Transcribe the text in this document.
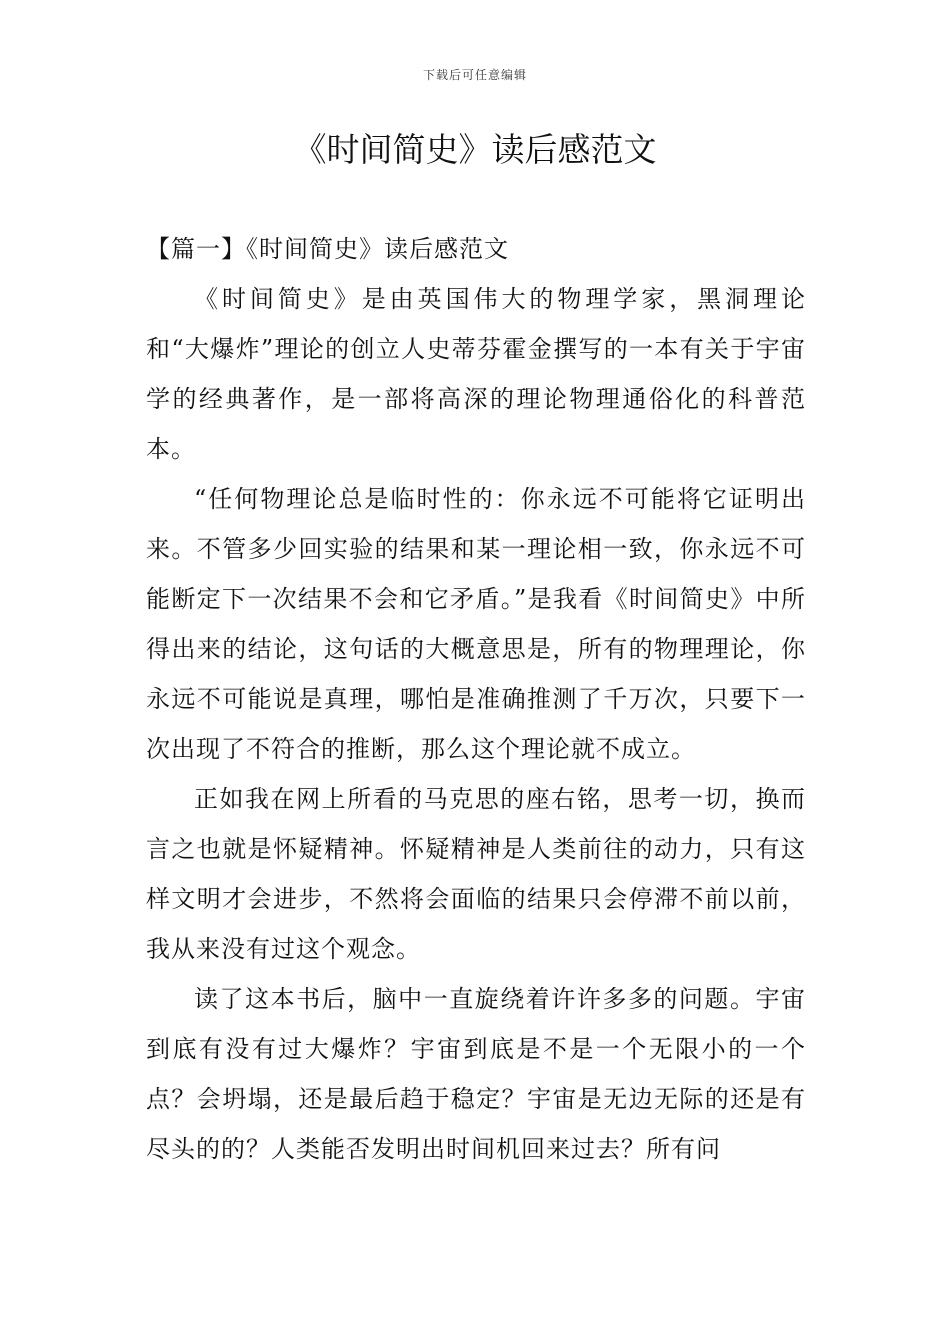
下载后可任意编辑
《时间简史》读后感范文

【篇一】《时间简史》读后感范文

《时间简史》是由英国伟大的物理学家，黑洞理论和“大爆炸”理论的创立人史蒂芬霍金撰写的一本有关于宇宙学的经典著作，是一部将高深的理论物理通俗化的科普范本。

“任何物理论总是临时性的：你永远不可能将它证明出来。不管多少回实验的结果和某一理论相一致，你永远不可能断定下一次结果不会和它矛盾。”是我看《时间简史》中所得出来的结论，这句话的大概意思是，所有的物理理论，你永远不可能说是真理，哪怕是准确推测了千万次，只要下一次出现了不符合的推断，那么这个理论就不成立。

正如我在网上所看的马克思的座右铭，思考一切，换而言之也就是怀疑精神。怀疑精神是人类前往的动力，只有这样文明才会进步，不然将会面临的结果只会停滞不前以前，我从来没有过这个观念。

读了这本书后，脑中一直旋绕着许许多多的问题。宇宙到底有没有过大爆炸？宇宙到底是不是一个无限小的一个点？会坍塌，还是最后趋于稳定？宇宙是无边无际的还是有尽头的的？人类能否发明出时间机回来过去？所有问
